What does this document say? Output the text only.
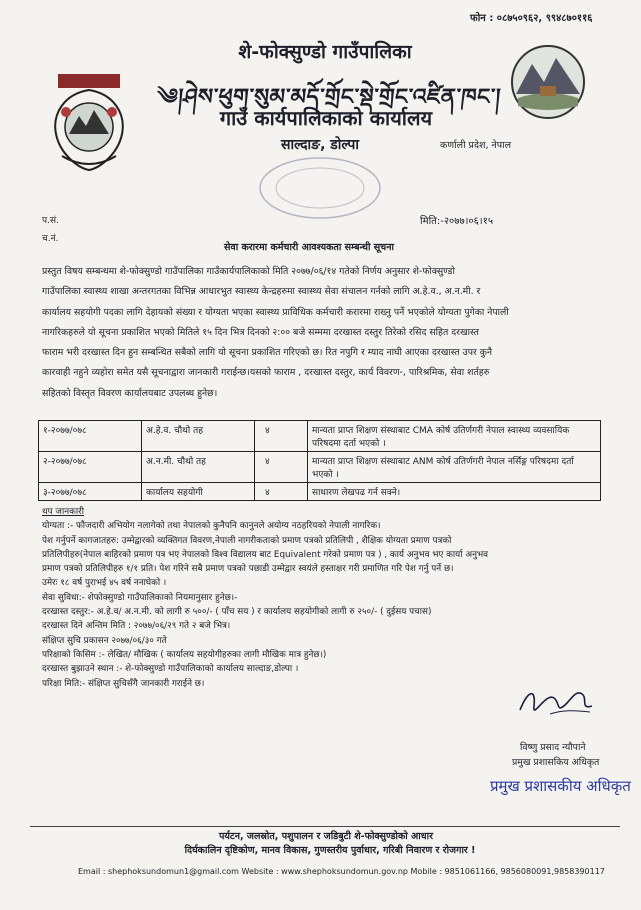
फोन : ०८७५०९६२, ९९४८७०११६
शे-फोक्सुण्डो गाउँपालिका
༄།ཤེས་ཕུག་སུམ་མདོ་གྲོང་སྡེ་གྲོང་འཛིན་ཁང་།
गाउँ कार्यपालिकाको कार्यालय
साल्दाङ, डोल्पा	कर्णाली प्रदेश, नेपाल
प.सं.
च.नं.
मिति:-२०७७।०६।१५
सेवा करारमा कर्मचारी आवश्यकता सम्बन्धी सूचना
प्रस्तुत विषय सम्बन्धमा शे-फोक्सुण्डो गाउँपालिका गाउँकार्यपालिकाको मिति २०७७/०६/१४ गतेको निर्णय अनुसार शे-फोक्सुण्डो
गाउँपालिका स्वास्थ्य शाखा अन्तरगतका विभिन्न आधारभुत स्वास्थ्य केन्द्रहरुमा स्वास्थ्य सेवा संचालन गर्नको लागि अ.हे.व., अ.न.मी. र
कार्यालय सहयोगी पदका लागि देहायको संख्या र योग्यता भएका स्वास्थ्य प्राविधिक कर्मचारी करारमा राख्नु पर्ने भएकोले योग्यता पुगेका नेपाली
नागरिकहरुले यो सूचना प्रकाशित भएको मितिले १५ दिन भित्र दिनको २:०० बजे सम्ममा दरखास्त दस्तुर तिरेको रसिद सहित दरखास्त
फाराम भरी दरखास्त दिन हुन सम्बन्धित सबैको लागि यो सूचना प्रकाशित गरिएको छ। रित नपुगि र म्याद नाघी आएका दरखास्त उपर कुनै
कारवाही नहुने व्यहोरा समेत यसै सूचनाद्वारा जानकारी गराईन्छ।यसको फाराम , दरखास्त दस्तुर, कार्य विवरण-, पारिश्रमिक, सेवा शर्तहरु
सहितको विस्तृत विवरण कार्यालयबाट उपलब्ध हुनेछ।
१-२०७७/०७८	अ.हे.व. चौथो तह	४	मान्यता प्राप्त शिक्षण संस्थाबाट CMA कोर्ष उतिर्णगरी नेपाल स्वास्थ्य व्यवसायिक परिषदमा दर्ता भएको ।
२-२०७७/०७८	अ.न.मी. चौथो तह	४	मान्यता प्राप्त शिक्षण संस्थाबाट ANM कोर्ष उतिर्णगरी नेपाल नर्सिङ्ग परिषदमा दर्ता भएको ।
३-२०७७/०७८	कार्यालय सहयोगी	४	साधारण लेखपढ गर्न सक्ने।
थप जानकारी
योग्यता :- फौजदारी अभियोग नलागेको तथा नेपालको कुनैपनि कानुनले अयोग्य नठहरियको नेपाली नागरिक।
पेश गर्नुपर्ने कागजातहरु: उम्मेद्वारको व्यक्तिगत विवरण,नेपाली नागरीकताको प्रमाण पत्रको प्रतिलिपी , शैक्षिक योग्यता प्रमाण पत्रको
प्रतिलिपीहरु(नेपाल बाहिरको प्रमाण पत्र भए नेपालको विश्व विद्यालय बाट Equivalent गरेको प्रमाण पत्र ) , कार्य अनुभव भए कार्या अनुभव
प्रमाण पत्रको प्रतिलिपीहरु १/१ प्रति। पेश गरिने सबै प्रमाण पत्रको पछाडी उम्मेद्वार स्वयंले हस्ताक्षर गरी प्रमाणित गरि पेश गर्नु पर्ने छ।
उमेरः १८ वर्ष पुराभई ४५ वर्ष ननाघेको ।
सेवा सुविधा:- शेफोक्सुण्डो गाउँपालिकाको नियमानुसार हुनेछ।-
दरखास्त दस्तुर:- अ.हे.व/ अ.न.मी. को लागी रु ५००/- ( पाँच सय ) र कार्यालय सहयोगीको लागी रु २५०/- ( दुईसय पचास)
दरखास्त दिने अन्तिम मिति : २०७७/०६/२९ गते २ बजे भित्र।
संक्षिप्त सुचि प्रकासन २०७७/०६/३० गते
परिक्षाको किसिम :- लेखित/ मौखिक ( कार्यालय सहयोगीहरुका लागी मौखिक मात्र हुनेछ।)
दरखास्त बुझाउने स्थान :- शे-फोक्सुण्डो गाउँपालिकाको कार्यालय साल्दाङ,डोल्पा ।
परिक्षा मिति:- संक्षिप्त सुचिसँगै जानकारी गराईने छ।
विष्णु प्रसाद न्यौपाने
प्रमुख प्रशासकिय अधिकृत
प्रमुख प्रशासकीय अधिकृत
पर्यटन, जलस्रोत, पशुपालन र जडिबुटी शे-फोक्सुण्डोको आधार
दिर्घकालिन दृष्टिकोण, मानव विकास, गुणस्तरीय पुर्वाधार, गरिबी निवारण र रोजगार !
Email : shephoksundomun1@gmail.com Website : www.shephoksundomun.gov.np Mobile : 9851061166, 9856080091,9858390117
